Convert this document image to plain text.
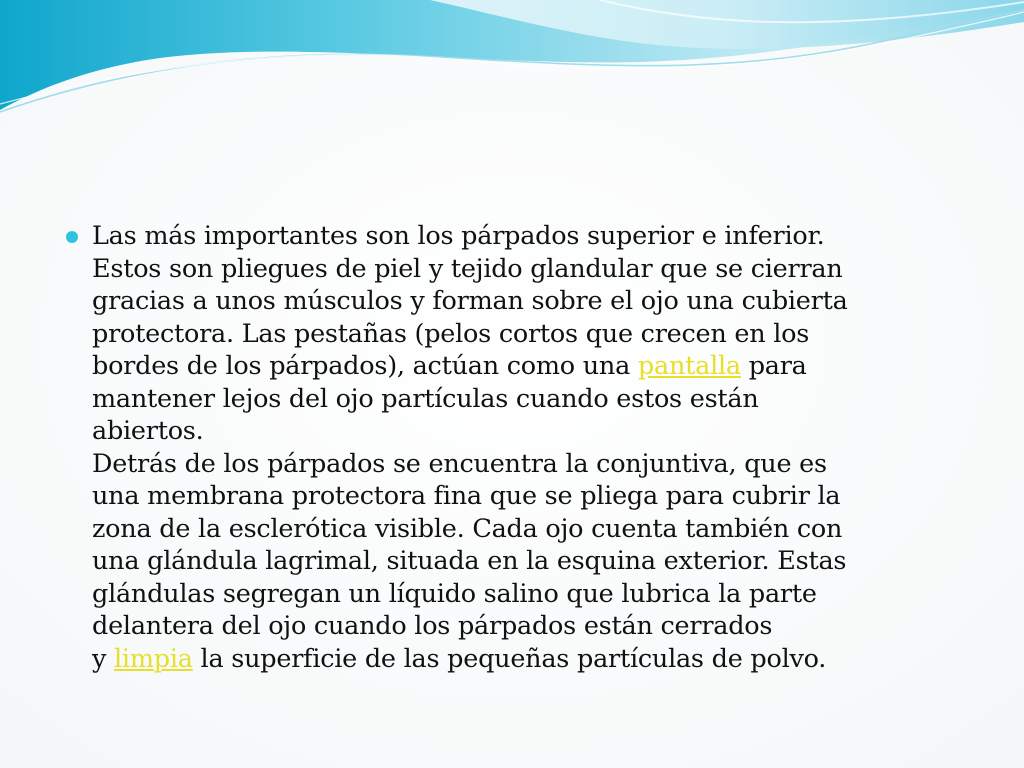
Las más importantes son los párpados superior e inferior.
Estos son pliegues de piel y tejido glandular que se cierran
gracias a unos músculos y forman sobre el ojo una cubierta
protectora. Las pestañas (pelos cortos que crecen en los
bordes de los párpados), actúan como una pantalla para
mantener lejos del ojo partículas cuando estos están
abiertos.
Detrás de los párpados se encuentra la conjuntiva, que es
una membrana protectora fina que se pliega para cubrir la
zona de la esclerótica visible. Cada ojo cuenta también con
una glándula lagrimal, situada en la esquina exterior. Estas
glándulas segregan un líquido salino que lubrica la parte
delantera del ojo cuando los párpados están cerrados
y limpia la superficie de las pequeñas partículas de polvo.
